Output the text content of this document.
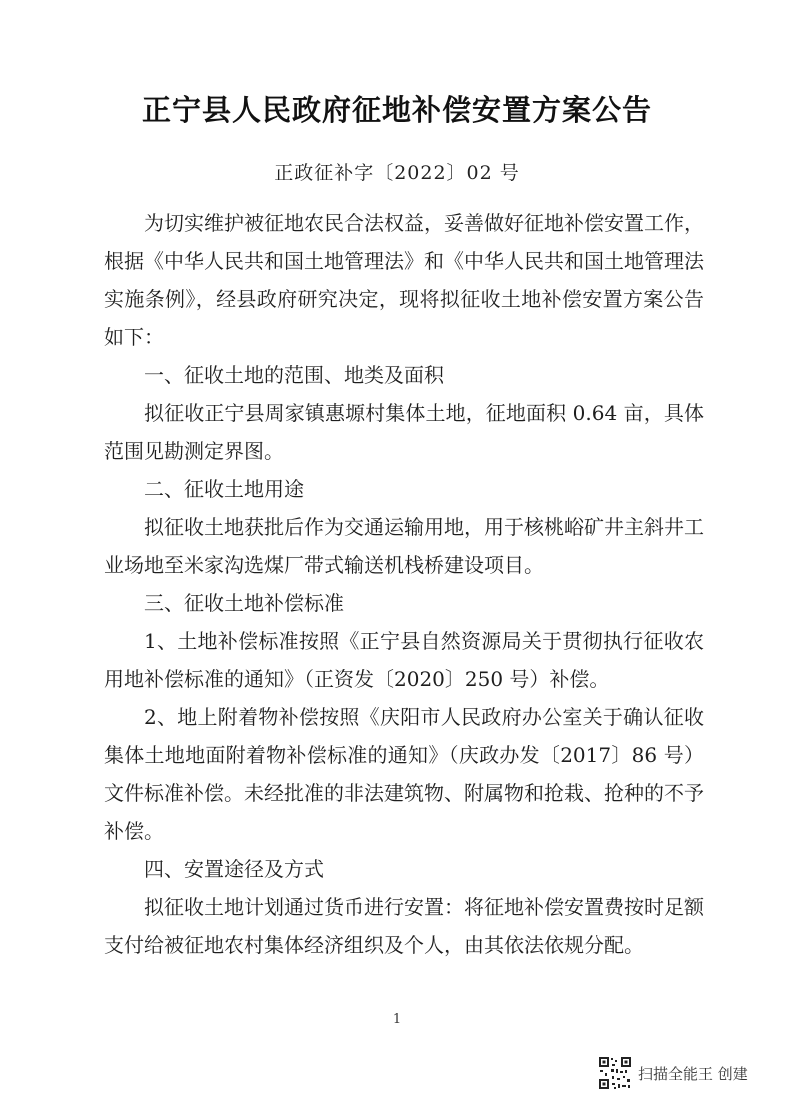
正宁县人民政府征地补偿安置方案公告
正政征补字〔2022〕02 号

为切实维护被征地农民合法权益，妥善做好征地补偿安置工作，根据《中华人民共和国土地管理法》和《中华人民共和国土地管理法实施条例》，经县政府研究决定，现将拟征收土地补偿安置方案公告如下：

一、征收土地的范围、地类及面积

拟征收正宁县周家镇惠塬村集体土地，征地面积 0.64 亩，具体范围见勘测定界图。

二、征收土地用途

拟征收土地获批后作为交通运输用地，用于核桃峪矿井主斜井工业场地至米家沟选煤厂带式输送机栈桥建设项目。

三、征收土地补偿标准

1、土地补偿标准按照《正宁县自然资源局关于贯彻执行征收农用地补偿标准的通知》（正资发〔2020〕250 号）补偿。

2、地上附着物补偿按照《庆阳市人民政府办公室关于确认征收集体土地地面附着物补偿标准的通知》（庆政办发〔2017〕86 号）文件标准补偿。未经批准的非法建筑物、附属物和抢栽、抢种的不予补偿。

四、安置途径及方式

拟征收土地计划通过货币进行安置：将征地补偿安置费按时足额支付给被征地农村集体经济组织及个人，由其依法依规分配。

1
扫描全能王 创建
